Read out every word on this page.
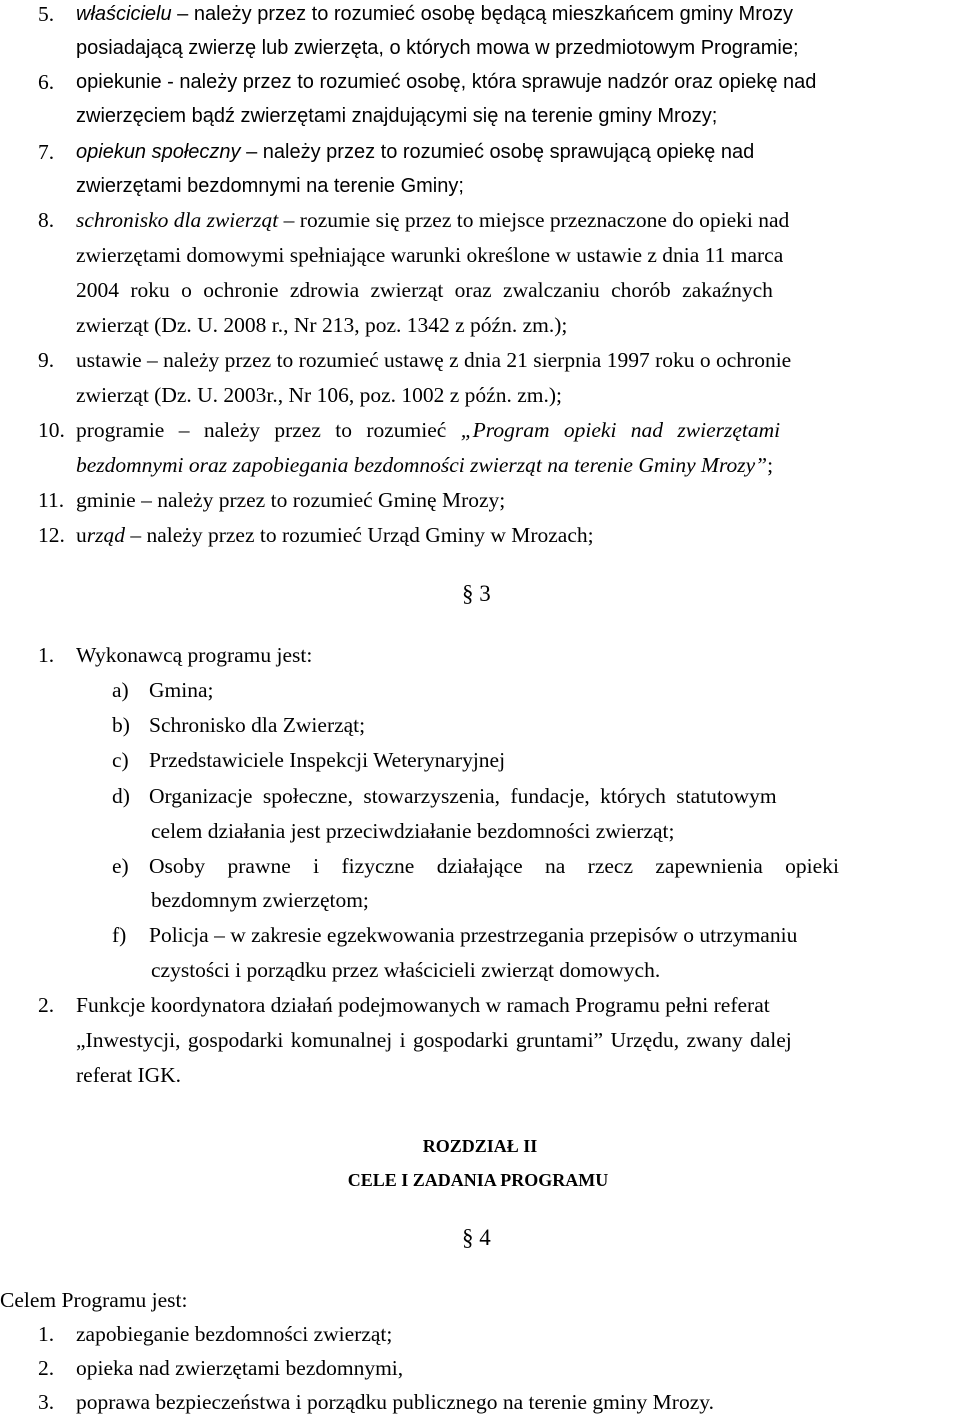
5. właścicielu – należy przez to rozumieć osobę będącą mieszkańcem gminy Mrozy
posiadającą zwierzę lub zwierzęta, o których mowa w przedmiotowym Programie;
6. opiekunie - należy przez to rozumieć osobę, która sprawuje nadzór oraz opiekę nad
zwierzęciem bądź zwierzętami znajdującymi się na terenie gminy Mrozy;
7. opiekun społeczny – należy przez to rozumieć osobę sprawującą opiekę nad
zwierzętami bezdomnymi na terenie Gminy;
8. schronisko dla zwierząt – rozumie się przez to miejsce przeznaczone do opieki nad
zwierzętami domowymi spełniające warunki określone w ustawie z dnia 11 marca
2004 roku o ochronie zdrowia zwierząt oraz zwalczaniu chorób zakaźnych
zwierząt (Dz. U. 2008 r., Nr 213, poz. 1342 z późn. zm.);
9. ustawie – należy przez to rozumieć ustawę z dnia 21 sierpnia 1997 roku o ochronie
zwierząt (Dz. U. 2003r., Nr 106, poz. 1002 z późn. zm.);
10. programie – należy przez to rozumieć „Program opieki nad zwierzętami
bezdomnymi oraz zapobiegania bezdomności zwierząt na terenie Gminy Mrozy”;
11. gminie – należy przez to rozumieć Gminę Mrozy;
12. urząd – należy przez to rozumieć Urząd Gminy w Mrozach;
§ 3
1. Wykonawcą programu jest:
a) Gmina;
b) Schronisko dla Zwierząt;
c) Przedstawiciele Inspekcji Weterynaryjnej
d) Organizacje społeczne, stowarzyszenia, fundacje, których statutowym
celem działania jest przeciwdziałanie bezdomności zwierząt;
e) Osoby prawne i fizyczne działające na rzecz zapewnienia opieki
bezdomnym zwierzętom;
f) Policja – w zakresie egzekwowania przestrzegania przepisów o utrzymaniu
czystości i porządku przez właścicieli zwierząt domowych.
2. Funkcje koordynatora działań podejmowanych w ramach Programu pełni referat
„Inwestycji, gospodarki komunalnej i gospodarki gruntami” Urzędu, zwany dalej
referat IGK.
ROZDZIAŁ II
CELE I ZADANIA PROGRAMU
§ 4
Celem Programu jest:
1. zapobieganie bezdomności zwierząt;
2. opieka nad zwierzętami bezdomnymi,
3. poprawa bezpieczeństwa i porządku publicznego na terenie gminy Mrozy.
